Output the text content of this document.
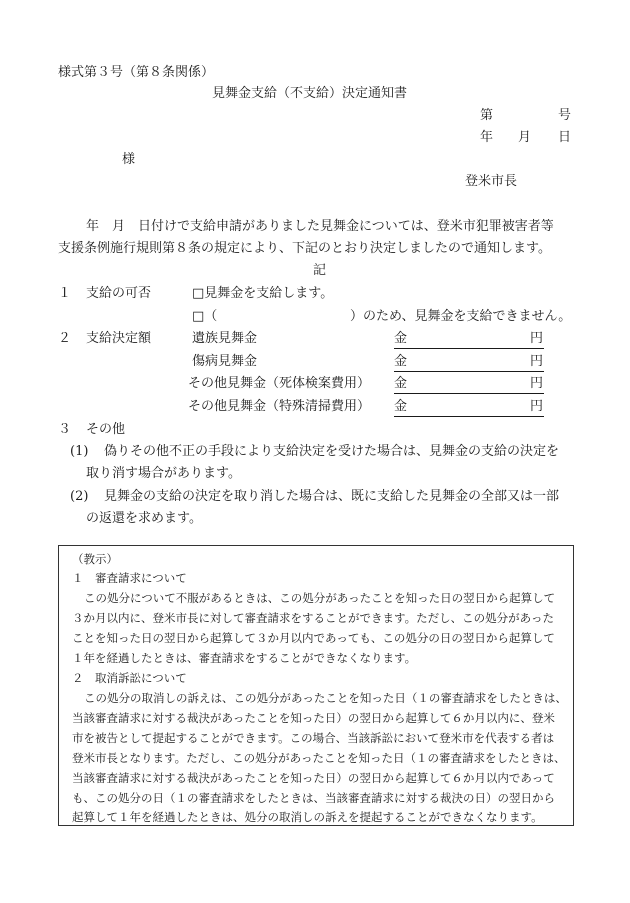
様式第３号（第８条関係）
見舞金支給（不支給）決定通知書
第	号
年 月 日
様
登米市長
年　月　日付けで支給申請がありました見舞金については、登米市犯罪被害者等
支援条例施行規則第８条の規定により、下記のとおり決定しましたので通知します。
記
１ 支給の可否	□見舞金を支給します。
□（	）のため、見舞金を支給できません。
２ 支給決定額	遺族見舞金	金	円
傷病見舞金	金	円
その他見舞金（死体検案費用） 金	円
その他見舞金（特殊清掃費用） 金	円
３ その他
(1) 偽りその他不正の手段により支給決定を受けた場合は、見舞金の支給の決定を
取り消す場合があります。
(2) 見舞金の支給の決定を取り消した場合は、既に支給した見舞金の全部又は一部
の返還を求めます。
（教示）
１　審査請求について
この処分について不服があるときは、この処分があったことを知った日の翌日から起算して
３か月以内に、登米市長に対して審査請求をすることができます。ただし、この処分があった
ことを知った日の翌日から起算して３か月以内であっても、この処分の日の翌日から起算して
１年を経過したときは、審査請求をすることができなくなります。
２　取消訴訟について
この処分の取消しの訴えは、この処分があったことを知った日（１の審査請求をしたときは、
当該審査請求に対する裁決があったことを知った日）の翌日から起算して６か月以内に、登米
市を被告として提起することができます。この場合、当該訴訟において登米市を代表する者は
登米市長となります。ただし、この処分があったことを知った日（１の審査請求をしたときは、
当該審査請求に対する裁決があったことを知った日）の翌日から起算して６か月以内であって
も、この処分の日（１の審査請求をしたときは、当該審査請求に対する裁決の日）の翌日から
起算して１年を経過したときは、処分の取消しの訴えを提起することができなくなります。
